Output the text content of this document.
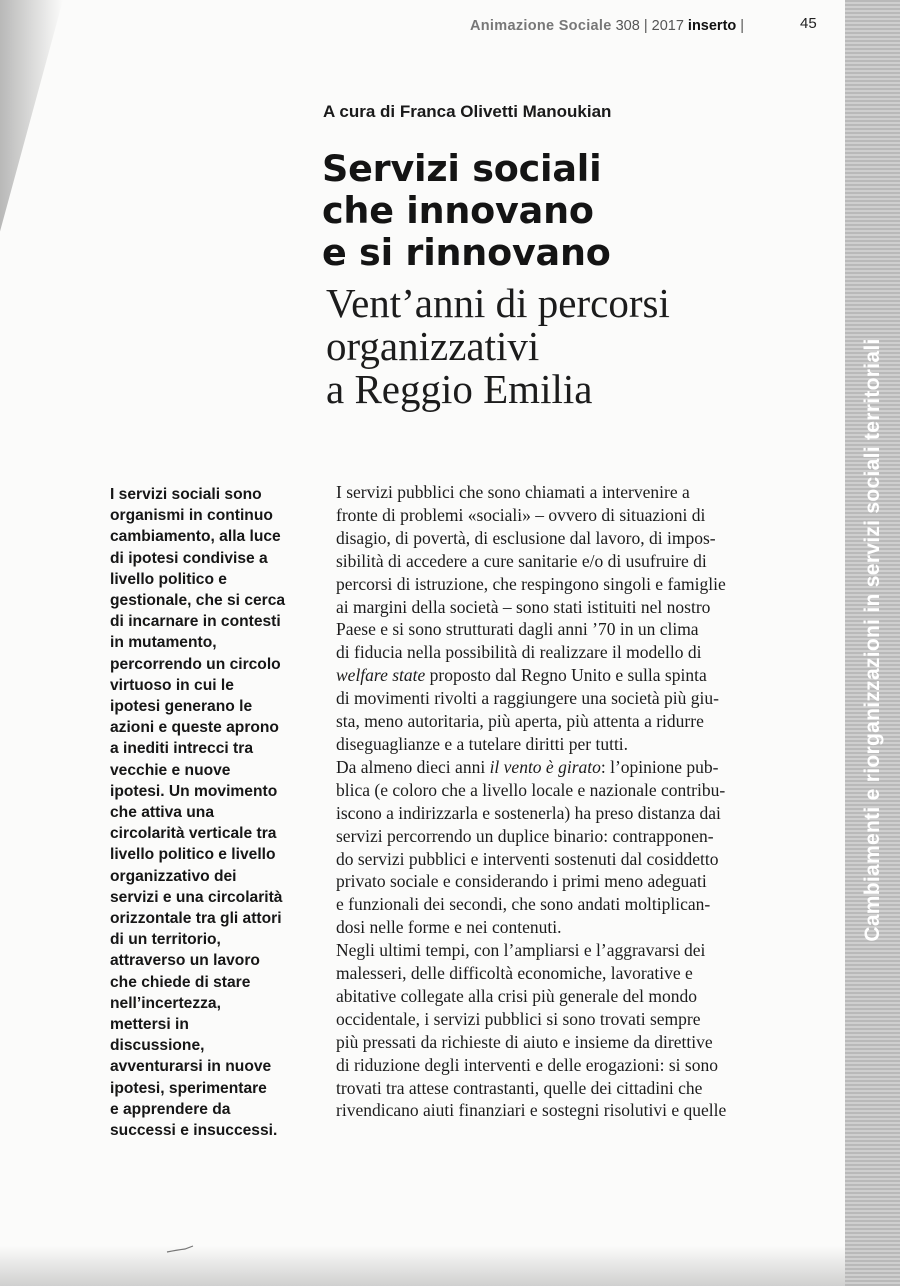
Animazione Sociale 308 | 2017 inserto |	45
A cura di Franca Olivetti Manoukian
Servizi sociali
che innovano
e si rinnovano
Vent’anni di percorsi
organizzativi
a Reggio Emilia
I servizi sociali sono
organismi in continuo
cambiamento, alla luce
di ipotesi condivise a
livello politico e
gestionale, che si cerca
di incarnare in contesti
in mutamento,
percorrendo un circolo
virtuoso in cui le
ipotesi generano le
azioni e queste aprono
a inediti intrecci tra
vecchie e nuove
ipotesi. Un movimento
che attiva una
circolarità verticale tra
livello politico e livello
organizzativo dei
servizi e una circolarità
orizzontale tra gli attori
di un territorio,
attraverso un lavoro
che chiede di stare
nell’incertezza,
mettersi in
discussione,
avventurarsi in nuove
ipotesi, sperimentare
e apprendere da
successi e insuccessi.
I servizi pubblici che sono chiamati a intervenire a
fronte di problemi «sociali» – ovvero di situazioni di
disagio, di povertà, di esclusione dal lavoro, di impos-
sibilità di accedere a cure sanitarie e/o di usufruire di
percorsi di istruzione, che respingono singoli e famiglie
ai margini della società – sono stati istituiti nel nostro
Paese e si sono strutturati dagli anni ’70 in un clima
di fiducia nella possibilità di realizzare il modello di
welfare state proposto dal Regno Unito e sulla spinta
di movimenti rivolti a raggiungere una società più giu-
sta, meno autoritaria, più aperta, più attenta a ridurre
diseguaglianze e a tutelare diritti per tutti.
Da almeno dieci anni il vento è girato: l’opinione pub-
blica (e coloro che a livello locale e nazionale contribu-
iscono a indirizzarla e sostenerla) ha preso distanza dai
servizi percorrendo un duplice binario: contrapponen-
do servizi pubblici e interventi sostenuti dal cosiddetto
privato sociale e considerando i primi meno adeguati
e funzionali dei secondi, che sono andati moltiplican-
dosi nelle forme e nei contenuti.
Negli ultimi tempi, con l’ampliarsi e l’aggravarsi dei
malesseri, delle difficoltà economiche, lavorative e
abitative collegate alla crisi più generale del mondo
occidentale, i servizi pubblici si sono trovati sempre
più pressati da richieste di aiuto e insieme da direttive
di riduzione degli interventi e delle erogazioni: si sono
trovati tra attese contrastanti, quelle dei cittadini che
rivendicano aiuti finanziari e sostegni risolutivi e quelle
Cambiamenti e riorganizzazioni in servizi sociali territoriali
